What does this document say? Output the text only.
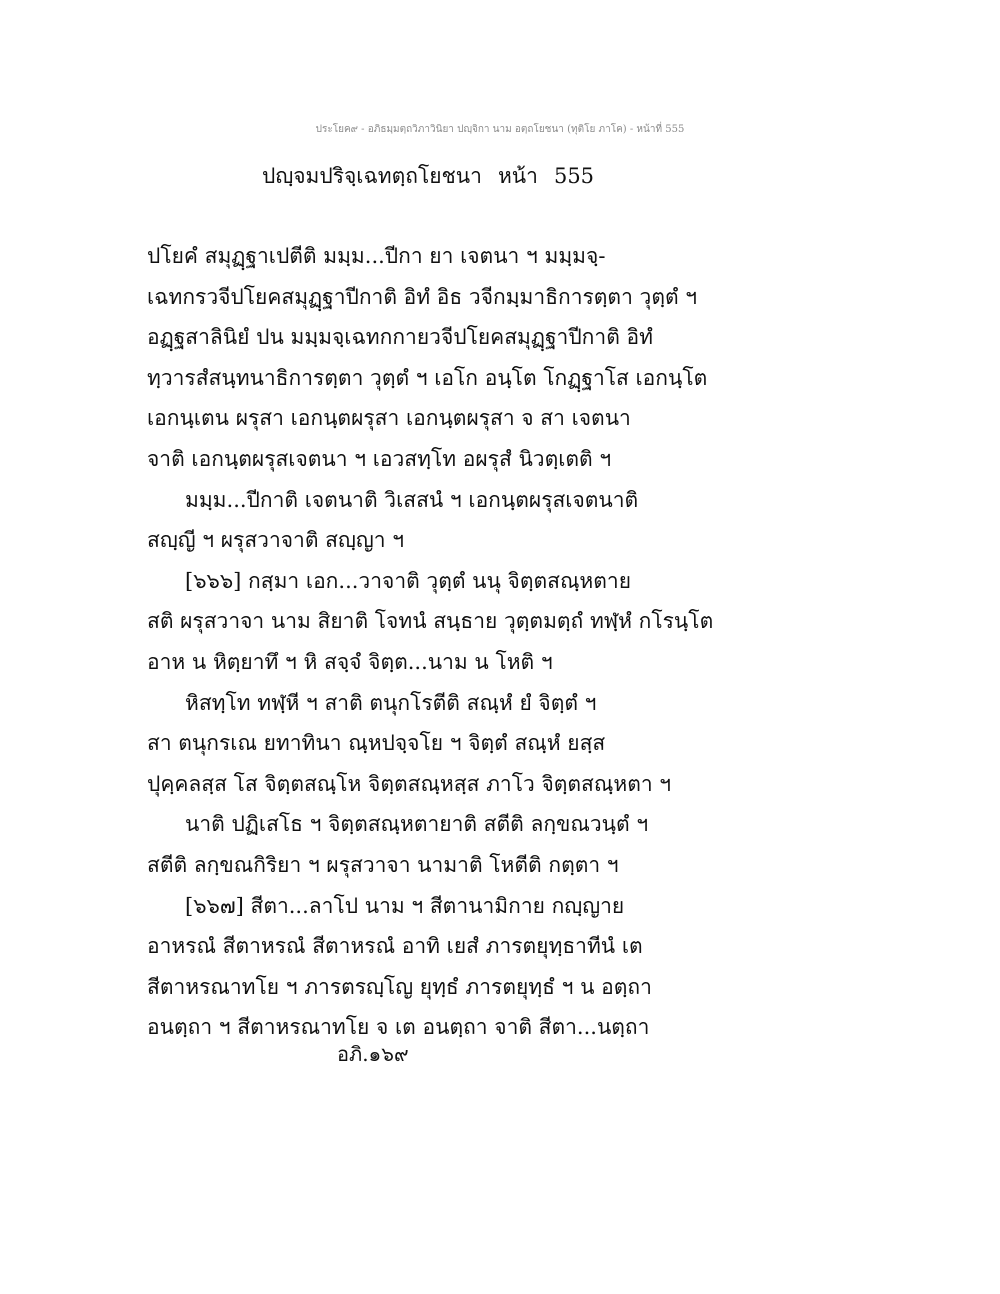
ประโยค๙ - อภิธมฺมตฺถวิภาวินิยา ปญฺจิกา นาม อตฺถโยชนา (ทุติโย ภาโค) - หน้าที่ 555
ปญฺจมปริจฺเฉทตฺถโยชนา หน้า 555
ปโยคํ สมุฏฺฐาเปตีติ มมฺม...ปีกา ยา เจตนา ฯ มมฺมจฺ-
เฉทกรวจีปโยคสมุฏฺฐาปีกาติ อิทํ อิธ วจีกมฺมาธิการตฺตา วุตฺตํ ฯ
อฏฺฐสาลินิยํ ปน มมฺมจฺเฉทกกายวจีปโยคสมุฏฺฐาปีกาติ อิทํ
ทฺวารสํสนฺทนาธิการตฺตา วุตฺตํ ฯ เอโก อนฺโต โกฏฺฐาโส เอกนฺโต
เอกนฺเตน ผรุสา เอกนฺตผรุสา เอกนฺตผรุสา จ สา เจตนา
จาติ เอกนฺตผรุสเจตนา ฯ เอวสทฺโท อผรุสํ นิวตฺเตติ ฯ
มมฺม...ปีกาติ เจตนาติ วิเสสนํ ฯ เอกนฺตผรุสเจตนาติ
สญฺญี ฯ ผรุสวาจาติ สญฺญา ฯ
[๖๖๖] กสฺมา เอก...วาจาติ วุตฺตํ นนุ จิตฺตสณฺหตาย
สติ ผรุสวาจา นาม สิยาติ โจทนํ สนฺธาย วุตฺตมตฺถํ ทฬฺหํ กโรนฺโต
อาห น หิตฺยาทึ ฯ หิ สจฺจํ จิตฺต...นาม น โหติ ฯ
หิสทฺโท ทฬฺหี ฯ สาติ ตนุกโรตีติ สณฺหํ ยํ จิตฺตํ ฯ
สา ตนุกรเณ ยทาทินา ณฺหปจฺจโย ฯ จิตฺตํ สณฺหํ ยสฺส
ปุคฺคลสฺส โส จิตฺตสณฺโห จิตฺตสณฺหสฺส ภาโว จิตฺตสณฺหตา ฯ
นาติ ปฏิเสโธ ฯ จิตฺตสณฺหตายาติ สตีติ ลกฺขณวนฺตํ ฯ
สตีติ ลกฺขณกิริยา ฯ ผรุสวาจา นามาติ โหตีติ กตฺตา ฯ
[๖๖๗] สีตา...ลาโป นาม ฯ สีตานามิกาย กญฺญาย
อาหรณํ สีตาหรณํ สีตาหรณํ อาทิ เยสํ ภารตยุทฺธาทีนํ เต
สีตาหรณาทโย ฯ ภารตรญฺโญ ยุทฺธํ ภารตยุทฺธํ ฯ น อตฺถา
อนตฺถา ฯ สีตาหรณาทโย จ เต อนตฺถา จาติ สีตา...นตฺถา
อภิ.๑๖๙
